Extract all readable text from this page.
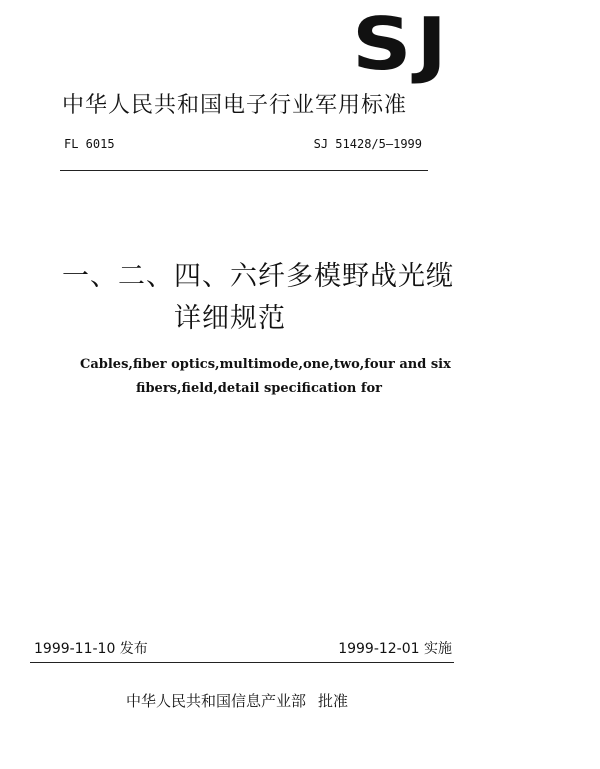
SJ
中华人民共和国电子行业军用标准
FL 6015	SJ 51428/5—1999
一、二、四、六纤多模野战光缆
详细规范
Cables,fiber optics,multimode,one,two,four and six
fibers,field,detail specification for
1999-11-10 发布	1999-12-01 实施
中华人民共和国信息产业部 批准
